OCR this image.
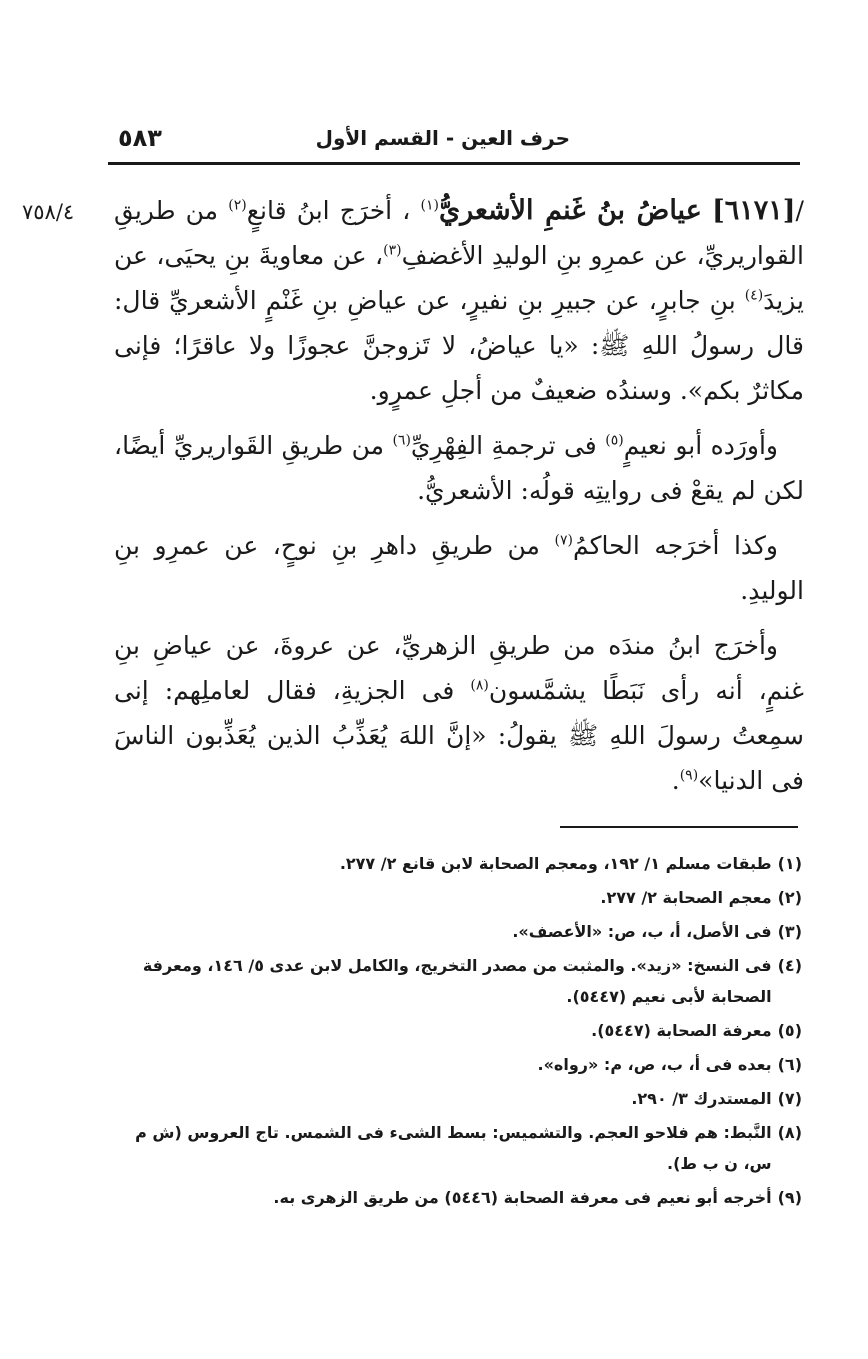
حرف العين - القسم الأول
٥٨٣
٧٥٨/٤	/[٦١٧١] عياضُ بنُ غَنمِ الأشعريُّ$^{(١)}$ ، أخرَج ابنُ قانعٍ$^{(٢)}$ من طريقِ القواريريِّ، عن عمرِو بنِ الوليدِ الأغضفِ$^{(٣)}$، عن معاويةَ بنِ يحيَى، عن يزيدَ$^{(٤)}$ بنِ جابرٍ، عن جبيرِ بنِ نفيرٍ، عن عياضِ بنِ غَنْمٍ الأشعريِّ قال: قال رسولُ اللهِ ﷺ: «يا عياضُ، لا تَزوجنَّ عجوزًا ولا عاقرًا؛ فإنى مكاثرٌ بكم». وسندُه ضعيفٌ من أجلِ عمرٍو.

وأورَده أبو نعيمٍ$^{(٥)}$ فى ترجمةِ الفِهْرِيِّ$^{(٦)}$ من طريقِ القَواريريِّ أيضًا، لكن لم يقعْ فى روايتِه قولُه: الأشعريُّ.

وكذا أخرَجه الحاكمُ$^{(٧)}$ من طريقِ داهرِ بنِ نوحٍ، عن عمرِو بنِ الوليدِ.

وأخرَج ابنُ مندَه من طريقِ الزهريِّ، عن عروةَ، عن عياضِ بنِ غنمٍ، أنه رأى نَبَطًا يشمَّسون$^{(٨)}$ فى الجزيةِ، فقال لعاملِهم: إنى سمِعتُ رسولَ اللهِ ﷺ يقولُ: «إنَّ اللهَ يُعَذِّبُ الذين يُعَذِّبون الناسَ فى الدنيا»$^{(٩)}$.

(١)
طبقات مسلم ١/ ١٩٢، ومعجم الصحابة لابن قانع ٢/ ٢٧٧.
(٢)
معجم الصحابة ٢/ ٢٧٧.
(٣)
فى الأصل، أ، ب، ص: «الأعصف».
(٤)
فى النسخ: «زيد». والمثبت من مصدر التخريج، والكامل لابن عدى ٥/ ١٤٦، ومعرفة الصحابة لأبى نعيم (٥٤٤٧).
(٥)
معرفة الصحابة (٥٤٤٧).
(٦)
بعده فى أ، ب، ص، م: «رواه».
(٧)
المستدرك ٣/ ٢٩٠.
(٨)
النَّبط: هم فلاحو العجم. والتشميس: بسط الشىء فى الشمس. تاج العروس (ش م س، ن ب ط).
(٩)
أخرجه أبو نعيم فى معرفة الصحابة (٥٤٤٦) من طريق الزهرى به.
